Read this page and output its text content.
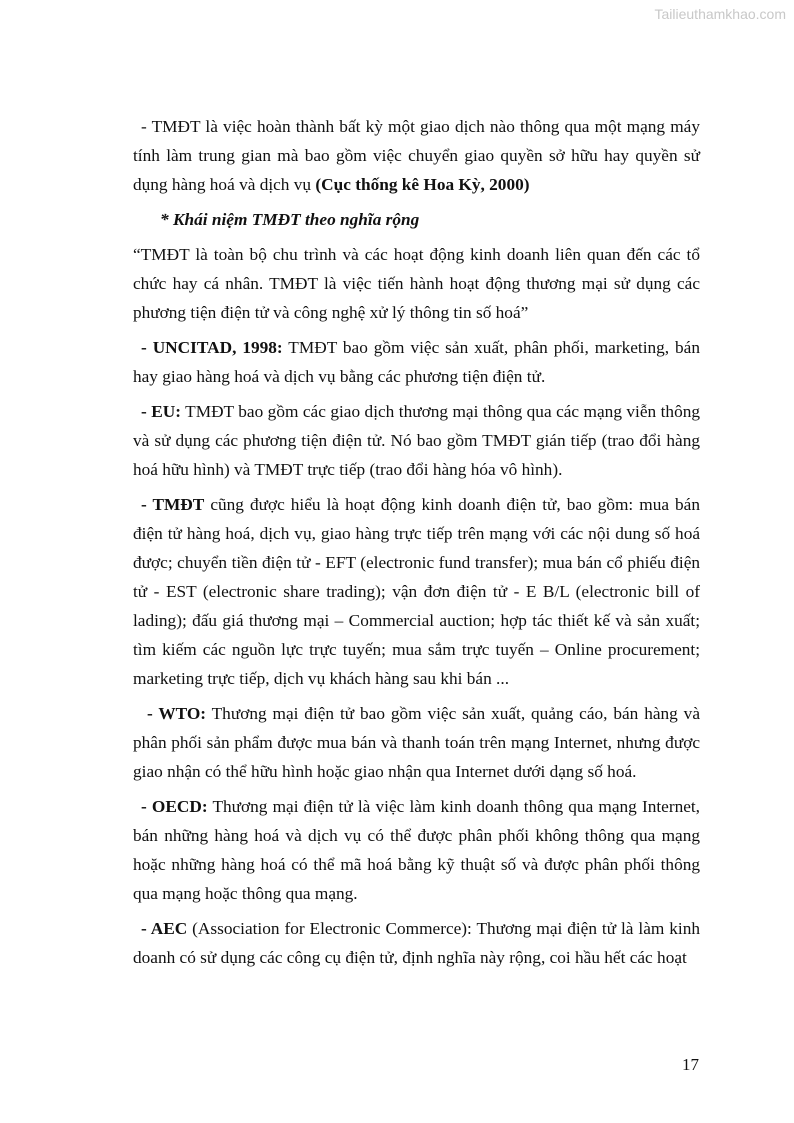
Tailieuthamkhao.com

- TMĐT là việc hoàn thành bất kỳ một giao dịch nào thông qua một mạng máy tính làm trung gian mà bao gồm việc chuyển giao quyền sở hữu hay quyền sử dụng hàng hoá và dịch vụ (Cục thống kê Hoa Kỳ, 2000)

* Khái niệm TMĐT theo nghĩa rộng

“TMĐT là toàn bộ chu trình và các hoạt động kinh doanh liên quan đến các tổ chức hay cá nhân. TMĐT là việc tiến hành hoạt động thương mại sử dụng các phương tiện điện tử và công nghệ xử lý thông tin số hoá”

- UNCITAD, 1998: TMĐT bao gồm việc sản xuất, phân phối, marketing, bán hay giao hàng hoá và dịch vụ bằng các phương tiện điện tử.

- EU: TMĐT bao gồm các giao dịch thương mại thông qua các mạng viễn thông và sử dụng các phương tiện điện tử. Nó bao gồm TMĐT gián tiếp (trao đổi hàng hoá hữu hình) và TMĐT trực tiếp (trao đổi hàng hóa vô hình).

- TMĐT cũng được hiểu là hoạt động kinh doanh điện tử, bao gồm: mua bán điện tử hàng hoá, dịch vụ, giao hàng trực tiếp trên mạng với các nội dung số hoá được; chuyển tiền điện tử - EFT (electronic fund transfer); mua bán cổ phiếu điện tử - EST (electronic share trading); vận đơn điện tử - E B/L (electronic bill of lading); đấu giá thương mại – Commercial auction; hợp tác thiết kế và sản xuất; tìm kiếm các nguồn lực trực tuyến; mua sắm trực tuyến – Online procurement; marketing trực tiếp, dịch vụ khách hàng sau khi bán ...

- WTO: Thương mại điện tử bao gồm việc sản xuất, quảng cáo, bán hàng và phân phối sản phẩm được mua bán và thanh toán trên mạng Internet, nhưng được giao nhận có thể hữu hình hoặc giao nhận qua Internet dưới dạng số hoá.

- OECD: Thương mại điện tử là việc làm kinh doanh thông qua mạng Internet, bán những hàng hoá và dịch vụ có thể được phân phối không thông qua mạng hoặc những hàng hoá có thể mã hoá bằng kỹ thuật số và được phân phối thông qua mạng hoặc thông qua mạng.

- AEC (Association for Electronic Commerce): Thương mại điện tử là làm kinh doanh có sử dụng các công cụ điện tử, định nghĩa này rộng, coi hầu hết các hoạt

17
